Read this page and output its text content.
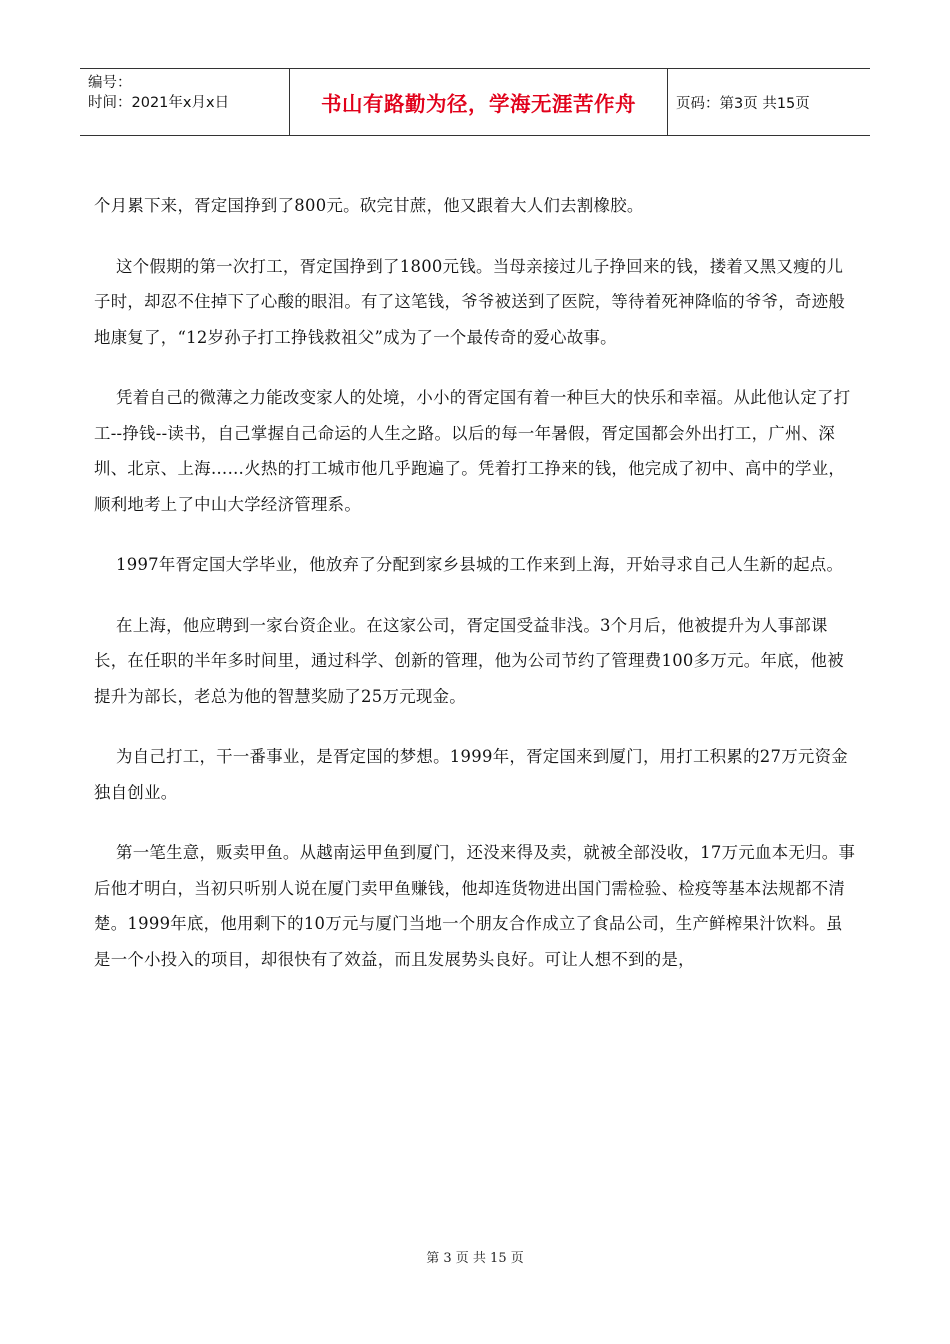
编号：
时间：2021年x月x日	书山有路勤为径，学海无涯苦作舟	页码：第3页 共15页

个月累下来，胥定国挣到了800元。砍完甘蔗，他又跟着大人们去割橡胶。

这个假期的第一次打工，胥定国挣到了1800元钱。当母亲接过儿子挣回来的钱，搂着又黑又瘦的儿子时，却忍不住掉下了心酸的眼泪。有了这笔钱，爷爷被送到了医院，等待着死神降临的爷爷，奇迹般地康复了，“12岁孙子打工挣钱救祖父”成为了一个最传奇的爱心故事。

凭着自己的微薄之力能改变家人的处境，小小的胥定国有着一种巨大的快乐和幸福。从此他认定了打工--挣钱--读书，自己掌握自己命运的人生之路。以后的每一年暑假，胥定国都会外出打工，广州、深圳、北京、上海……火热的打工城市他几乎跑遍了。凭着打工挣来的钱，他完成了初中、高中的学业，顺利地考上了中山大学经济管理系。

1997年胥定国大学毕业，他放弃了分配到家乡县城的工作来到上海，开始寻求自己人生新的起点。

在上海，他应聘到一家台资企业。在这家公司，胥定国受益非浅。3个月后，他被提升为人事部课长，在任职的半年多时间里，通过科学、创新的管理，他为公司节约了管理费100多万元。年底，他被提升为部长，老总为他的智慧奖励了25万元现金。

为自己打工，干一番事业，是胥定国的梦想。1999年，胥定国来到厦门，用打工积累的27万元资金独自创业。

第一笔生意，贩卖甲鱼。从越南运甲鱼到厦门，还没来得及卖，就被全部没收，17万元血本无归。事后他才明白，当初只听别人说在厦门卖甲鱼赚钱，他却连货物进出国门需检验、检疫等基本法规都不清楚。1999年底，他用剩下的10万元与厦门当地一个朋友合作成立了食品公司，生产鲜榨果汁饮料。虽是一个小投入的项目，却很快有了效益，而且发展势头良好。可让人想不到的是，

第 3 页 共 15 页
